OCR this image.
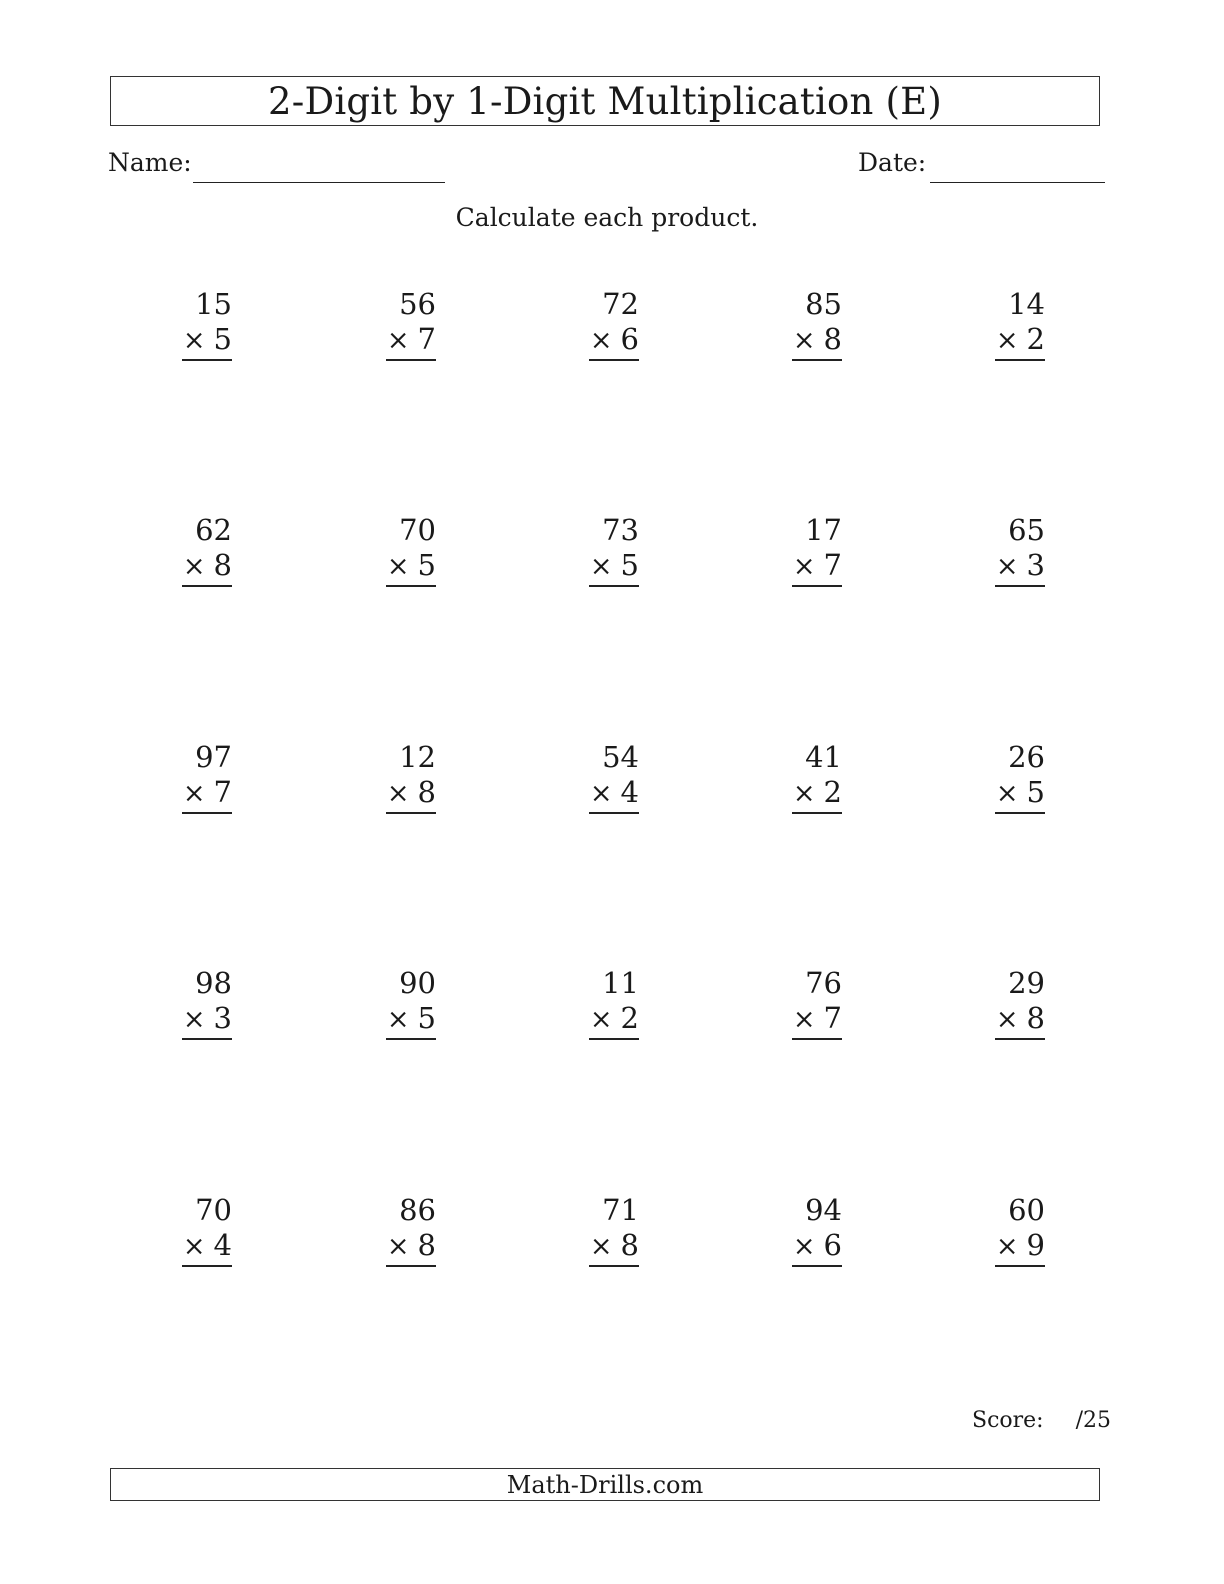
2-Digit by 1-Digit Multiplication (E)
Name:	Date:
Calculate each product.
15
× 5
56
× 7
72
× 6
85
× 8
14
× 2
62
× 8
70
× 5
73
× 5
17
× 7
65
× 3
97
× 7
12
× 8
54
× 4
41
× 2
26
× 5
98
× 3
90
× 5
11
× 2
76
× 7
29
× 8
70
× 4
86
× 8
71
× 8
94
× 6
60
× 9
Score: /25
Math-Drills.com
